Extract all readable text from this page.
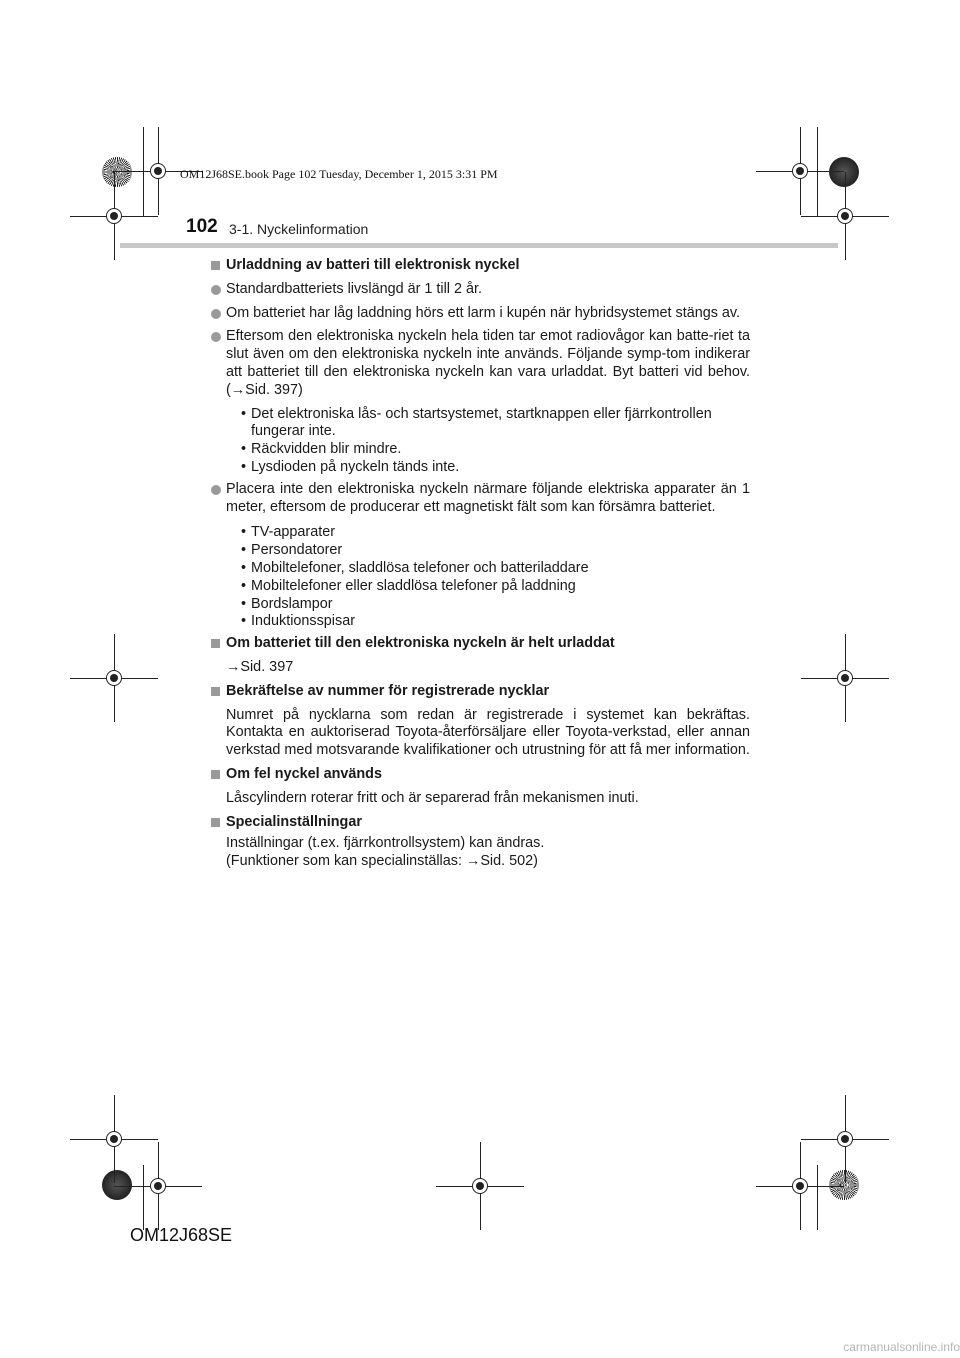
OM12J68SE.book Page 102 Tuesday, December 1, 2015 3:31 PM
102 3-1. Nyckelinformation
Urladdning av batteri till elektronisk nyckel
Standardbatteriets livslängd är 1 till 2 år.
Om batteriet har låg laddning hörs ett larm i kupén när hybridsystemet stängs av.
Eftersom den elektroniska nyckeln hela tiden tar emot radiovågor kan batte-riet ta slut även om den elektroniska nyckeln inte används. Följande symp-tom indikerar att batteriet till den elektroniska nyckeln kan vara urladdat. Byt batteri vid behov. (→Sid. 397)
• Det elektroniska lås- och startsystemet, startknappen eller fjärrkontrollen fungerar inte.
• Räckvidden blir mindre.
• Lysdioden på nyckeln tänds inte.
Placera inte den elektroniska nyckeln närmare följande elektriska apparater än 1 meter, eftersom de producerar ett magnetiskt fält som kan försämra batteriet.
• TV-apparater
• Persondatorer
• Mobiltelefoner, sladdlösa telefoner och batteriladdare
• Mobiltelefoner eller sladdlösa telefoner på laddning
• Bordslampor
• Induktionsspisar
Om batteriet till den elektroniska nyckeln är helt urladdat
→Sid. 397
Bekräftelse av nummer för registrerade nycklar
Numret på nycklarna som redan är registrerade i systemet kan bekräftas. Kontakta en auktoriserad Toyota-återförsäljare eller Toyota-verkstad, eller annan verkstad med motsvarande kvalifikationer och utrustning för att få mer information.
Om fel nyckel används
Låscylindern roterar fritt och är separerad från mekanismen inuti.
Specialinställningar
Inställningar (t.ex. fjärrkontrollsystem) kan ändras.
(Funktioner som kan specialinställas: →Sid. 502)
OM12J68SE
carmanualsonline.info
